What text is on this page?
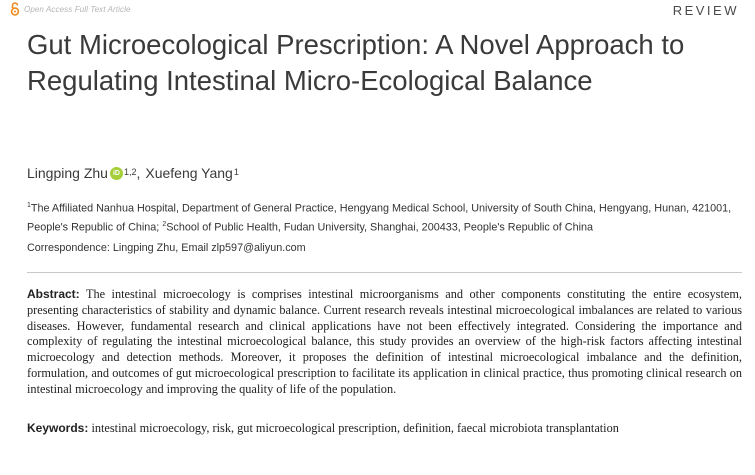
Open Access Full Text Article	REVIEW
Gut Microecological Prescription: A Novel Approach to Regulating Intestinal Micro-Ecological Balance
Lingping Zhu iD $^{1,2}$ , Xuefeng Yang$^1$
$^1$The Affiliated Nanhua Hospital, Department of General Practice, Hengyang Medical School, University of South China, Hengyang, Hunan, 421001, People's Republic of China; $^2$School of Public Health, Fudan University, Shanghai, 200433, People's Republic of China
Correspondence: Lingping Zhu, Email zlp597@aliyun.com
Abstract: The intestinal microecology is comprises intestinal microorganisms and other components constituting the entire ecosystem, presenting characteristics of stability and dynamic balance. Current research reveals intestinal microecological imbalances are related to various diseases. However, fundamental research and clinical applications have not been effectively integrated. Considering the importance and complexity of regulating the intestinal microecological balance, this study provides an overview of the high-risk factors affecting intestinal microecology and detection methods. Moreover, it proposes the definition of intestinal microecological imbalance and the definition, formulation, and outcomes of gut microecological prescription to facilitate its application in clinical practice, thus promoting clinical research on intestinal microecology and improving the quality of life of the population.
Keywords: intestinal microecology, risk, gut microecological prescription, definition, faecal microbiota transplantation
